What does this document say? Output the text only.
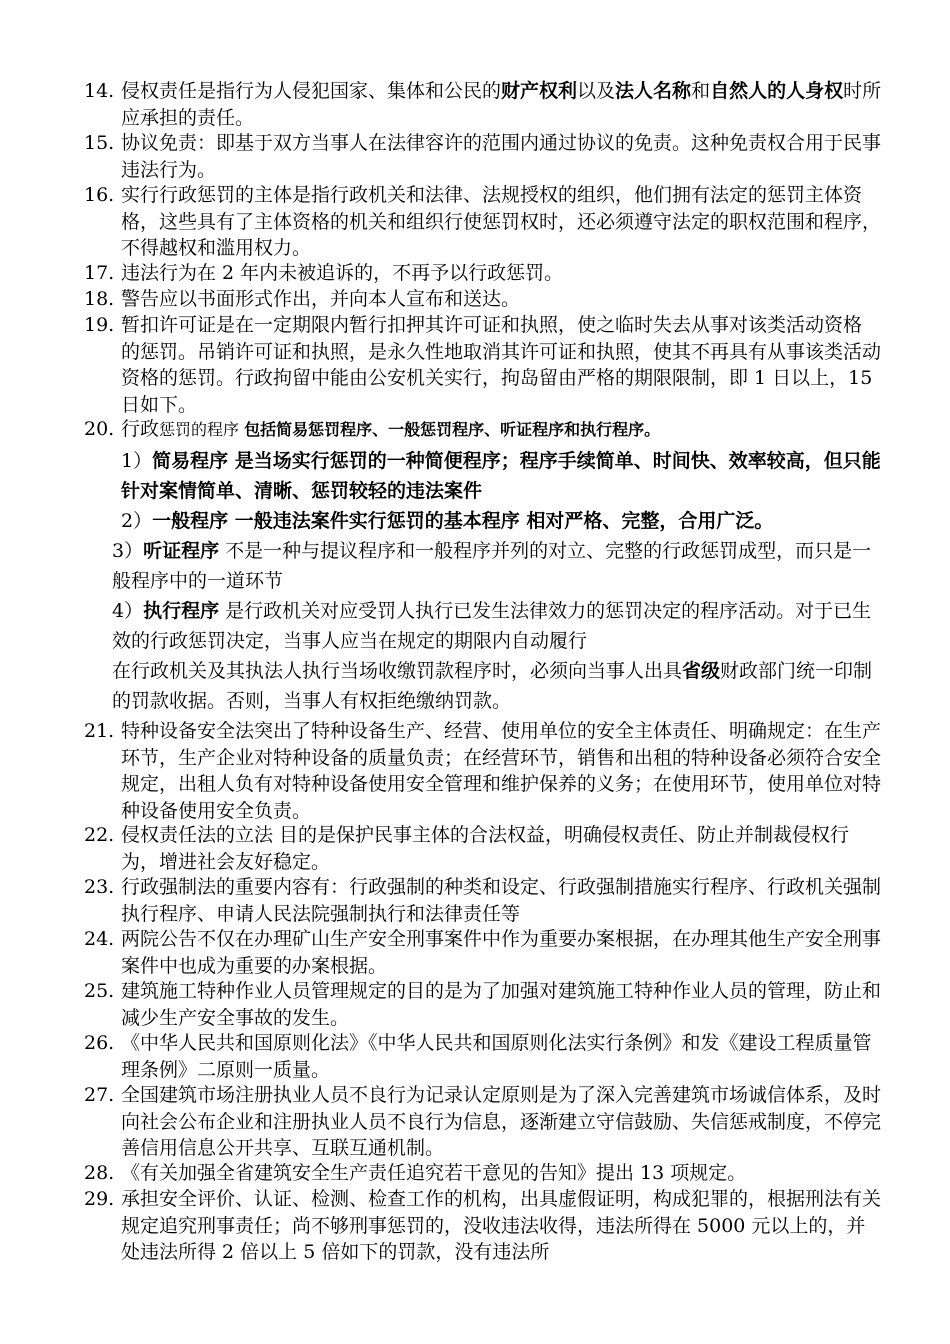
14. 侵权责任是指行为人侵犯国家、集体和公民的财产权利以及法人名称和自然人的人身权时所应承担的责任。
15. 协议免责：即基于双方当事人在法律容许的范围内通过协议的免责。这种免责权合用于民事违法行为。
16. 实行行政惩罚的主体是指行政机关和法律、法规授权的组织，他们拥有法定的惩罚主体资格，这些具有了主体资格的机关和组织行使惩罚权时，还必须遵守法定的职权范围和程序，不得越权和滥用权力。
17. 违法行为在 2 年内未被追诉的，不再予以行政惩罚。
18. 警告应以书面形式作出，并向本人宣布和送达。
19. 暂扣许可证是在一定期限内暂行扣押其许可证和执照，使之临时失去从事对该类活动资格 的惩罚。吊销许可证和执照，是永久性地取消其许可证和执照，使其不再具有从事该类活动资格的惩罚。行政拘留中能由公安机关实行，拘岛留由严格的期限限制，即 1 日以上，15 日如下。
20. 行政惩罚的程序 包括简易惩罚程序、一般惩罚程序、听证程序和执行程序。
1）简易程序 是当场实行惩罚的一种简便程序；程序手续简单、时间快、效率较高，但只能针对案情简单、清晰、惩罚较轻的违法案件
2）一般程序 一般违法案件实行惩罚的基本程序 相对严格、完整，合用广泛。
3）听证程序 不是一种与提议程序和一般程序并列的对立、完整的行政惩罚成型，而只是一般程序中的一道环节
4）执行程序 是行政机关对应受罚人执行已发生法律效力的惩罚决定的程序活动。对于已生效的行政惩罚决定，当事人应当在规定的期限内自动履行
在行政机关及其执法人执行当场收缴罚款程序时，必须向当事人出具省级财政部门统一印制的罚款收据。否则，当事人有权拒绝缴纳罚款。
21. 特种设备安全法突出了特种设备生产、经营、使用单位的安全主体责任、明确规定：在生产环节，生产企业对特种设备的质量负责；在经营环节，销售和出租的特种设备必须符合安全规定，出租人负有对特种设备使用安全管理和维护保养的义务；在使用环节，使用单位对特种设备使用安全负责。
22. 侵权责任法的立法 目的是保护民事主体的合法权益，明确侵权责任、防止并制裁侵权行为，增进社会友好稳定。
23. 行政强制法的重要内容有：行政强制的种类和设定、行政强制措施实行程序、行政机关强制执行程序、申请人民法院强制执行和法律责任等
24. 两院公告不仅在办理矿山生产安全刑事案件中作为重要办案根据，在办理其他生产安全刑事案件中也成为重要的办案根据。
25. 建筑施工特种作业人员管理规定的目的是为了加强对建筑施工特种作业人员的管理，防止和减少生产安全事故的发生。
26. 《中华人民共和国原则化法》《中华人民共和国原则化法实行条例》和发《建设工程质量管理条例》二原则一质量。
27. 全国建筑市场注册执业人员不良行为记录认定原则是为了深入完善建筑市场诚信体系，及时向社会公布企业和注册执业人员不良行为信息，逐渐建立守信鼓励、失信惩戒制度，不停完善信用信息公开共享、互联互通机制。
28. 《有关加强全省建筑安全生产责任追究若干意见的告知》提出 13 项规定。
29. 承担安全评价、认证、检测、检查工作的机构，出具虚假证明，构成犯罪的，根据刑法有关规定追究刑事责任；尚不够刑事惩罚的，没收违法收得，违法所得在 5000 元以上的，并处违法所得 2 倍以上 5 倍如下的罚款，没有违法所
